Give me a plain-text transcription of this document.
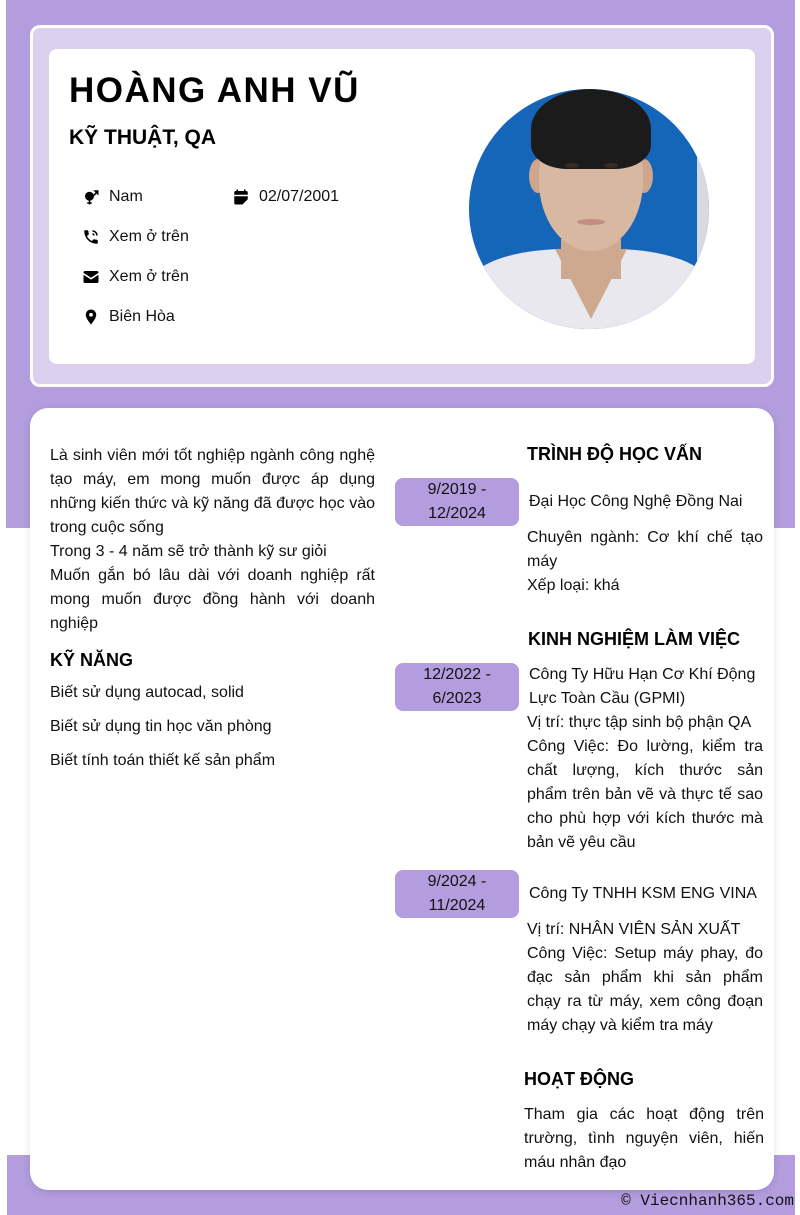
HOÀNG ANH VŨ
KỸ THUẬT, QA
Nam	02/07/2001
Xem ở trên
Xem ở trên
Biên Hòa

Là sinh viên mới tốt nghiệp ngành công nghệ tạo máy, em mong muốn được áp dụng những kiến thức và kỹ năng đã được học vào trong cuộc sống

Trong 3 - 4 năm sẽ trở thành kỹ sư giỏi

Muốn gắn bó lâu dài với doanh nghiệp rất mong muốn được đồng hành với doanh nghiệp

KỸ NĂNG
Biết sử dụng autocad, solid
Biết sử dụng tin học văn phòng
Biết tính toán thiết kế sản phẩm
TRÌNH ĐỘ HỌC VẤN
9/2019 -
12/2024
Đại Học Công Nghệ Đồng Nai

Chuyên ngành: Cơ khí chế tạo máy

Xếp loại: khá

KINH NGHIỆM LÀM VIỆC
12/2022 -
6/2023
Công Ty Hữu Hạn Cơ Khí Động Lực Toàn Cầu (GPMI)

Vị trí: thực tập sinh bộ phận QA

Công Việc: Đo lường, kiểm tra chất lượng, kích thước sản phẩm trên bản vẽ và thực tế sao cho phù hợp với kích thước mà bản vẽ yêu cầu

9/2024 -
11/2024
Công Ty TNHH KSM ENG VINA

Vị trí: NHÂN VIÊN SẢN XUẤT

Công Việc: Setup máy phay, đo đạc sản phẩm khi sản phẩm chạy ra từ máy, xem công đoạn máy chạy và kiểm tra máy

HOẠT ĐỘNG
Tham gia các hoạt động trên trường, tình nguyện viên, hiến máu nhân đạo
© Viecnhanh365.com
